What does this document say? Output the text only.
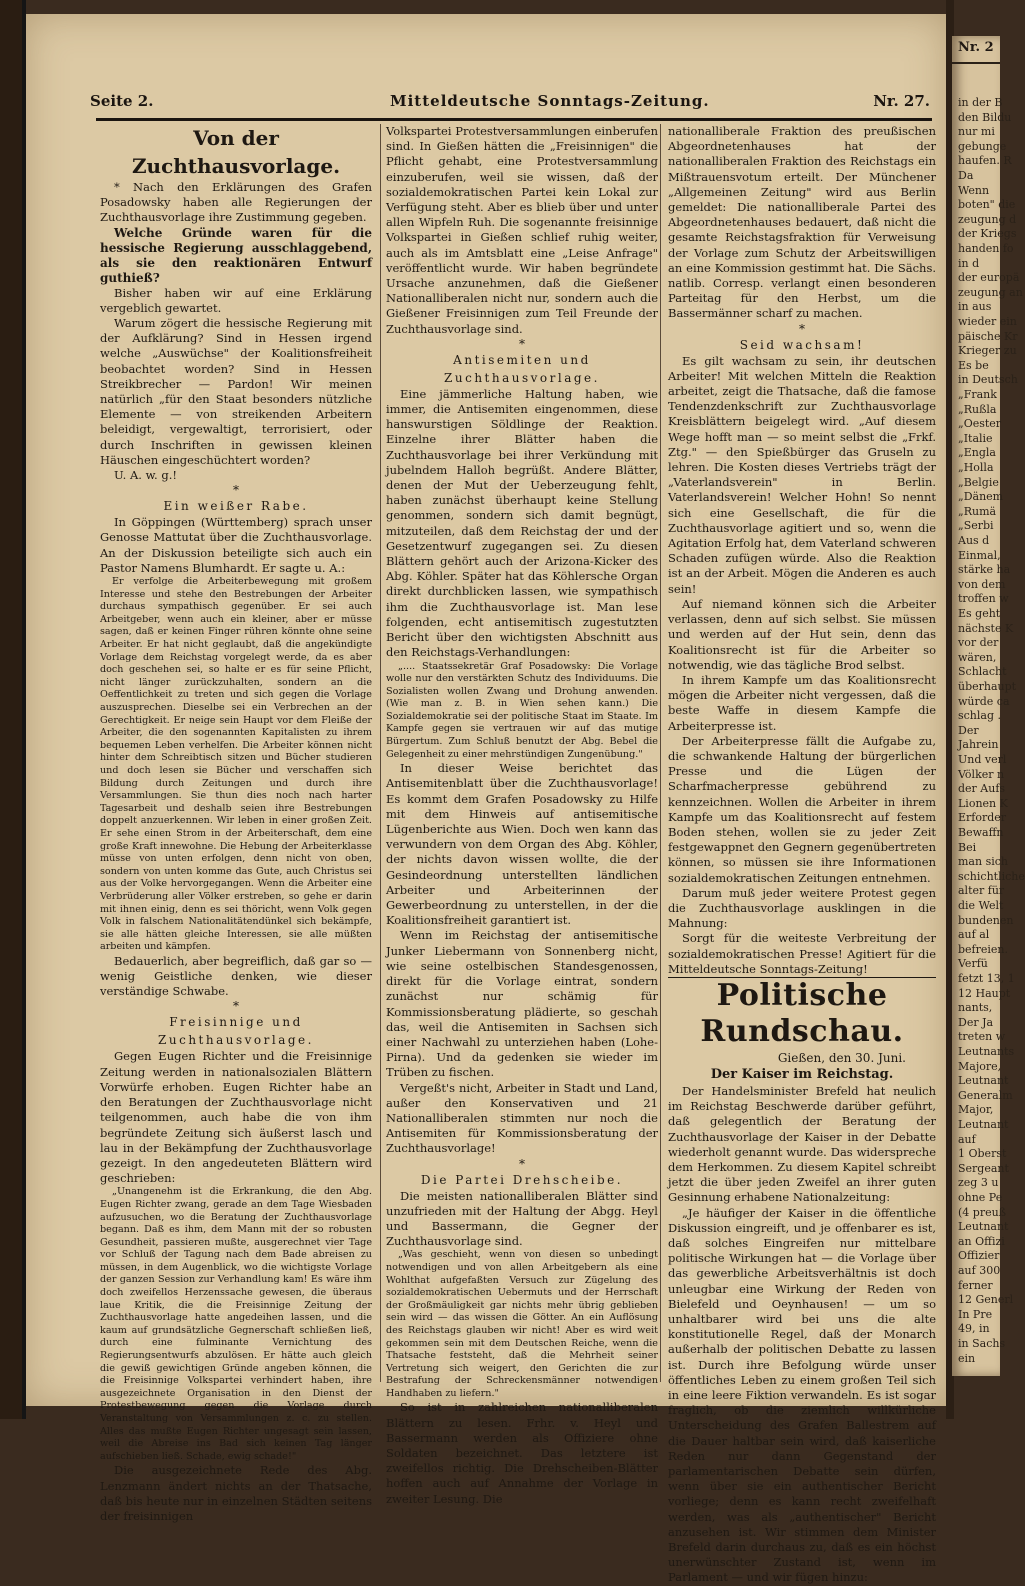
Nr. 2
in der B
den Bildu
nur mi
gebunge
haufen. R
Da
Wenn
boten" die
zeugung d
der Kriegs
handen fo
in d
der europä
zeugung an
in aus
wieder ein
päische Kr
Krieger zu
Es be
in Deutsch
„Frank
„Rußla
„Oester
„Italie
„Engla
„Holla
„Belgie
„Dänem
„Rumä
„Serbi
Aus d
Einmal,
stärke ha
von dem
troffen w
Es geht
nächste K
vor der
wären,
Schlacht
überhaupt
würde ca
schlag .
Der
Jahrein
Und verl
Völker n
der Aufs
Lionen K
Erforder
Bewaffn
Bei
man sich
schichtliche
alter für
die Welt
bundenen
auf al
befreien.
Verfü
fetzt 13, 1
12 Haupt
nants,
Der Ja
treten w
Leutnants
Majore,
Leutnant
Generalm
Major,
Leutnant
auf
1 Oberst
Sergeant
zeg 3 u
ohne Pe
(4 preuß
Leutnant
an Offizi
Offizier
auf 300
ferner
12 Generl
In Pre
49, in
in Sachs
ein
Seite 2.	Mitteldeutsche Sonntags-Zeitung.	Nr. 27.
Von der Zuchthausvorlage.

* Nach den Erklärungen des Grafen Posadowsky haben alle Regierungen der Zuchthausvorlage ihre Zustimmung gegeben.

Welche Gründe waren für die hessische Regierung ausschlaggebend, als sie den reaktionären Entwurf guthieß?

Bisher haben wir auf eine Erklärung vergeblich gewartet.

Warum zögert die hessische Regierung mit der Aufklärung? Sind in Hessen irgend welche „Auswüchse" der Koalitionsfreiheit beobachtet worden? Sind in Hessen Streikbrecher — Pardon! Wir meinen natürlich „für den Staat besonders nützliche Elemente — von streikenden Arbeitern beleidigt, vergewaltigt, terrorisiert, oder durch Inschriften in gewissen kleinen Häuschen eingeschüchtert worden?

U. A. w. g.!

*
Ein weißer Rabe.

In Göppingen (Württemberg) sprach unser Genosse Mattutat über die Zuchthausvorlage. An der Diskussion beteiligte sich auch ein Pastor Namens Blumhardt. Er sagte u. A.:

Er verfolge die Arbeiterbewegung mit großem Interesse und stehe den Bestrebungen der Arbeiter durchaus sympathisch gegenüber. Er sei auch Arbeitgeber, wenn auch ein kleiner, aber er müsse sagen, daß er keinen Finger rühren könnte ohne seine Arbeiter. Er hat nicht geglaubt, daß die angekündigte Vorlage dem Reichstag vorgelegt werde, da es aber doch geschehen sei, so halte er es für seine Pflicht, nicht länger zurückzuhalten, sondern an die Oeffentlichkeit zu treten und sich gegen die Vorlage auszusprechen. Dieselbe sei ein Verbrechen an der Gerechtigkeit. Er neige sein Haupt vor dem Fleiße der Arbeiter, die den sogenannten Kapitalisten zu ihrem bequemen Leben verhelfen. Die Arbeiter können nicht hinter dem Schreibtisch sitzen und Bücher studieren und doch lesen sie Bücher und verschaffen sich Bildung durch Zeitungen und durch ihre Versammlungen. Sie thun dies noch nach harter Tagesarbeit und deshalb seien ihre Bestrebungen doppelt anzuerkennen. Wir leben in einer großen Zeit. Er sehe einen Strom in der Arbeiterschaft, dem eine große Kraft innewohne. Die Hebung der Arbeiterklasse müsse von unten erfolgen, denn nicht von oben, sondern von unten komme das Gute, auch Christus sei aus der Volke hervorgegangen. Wenn die Arbeiter eine Verbrüderung aller Völker erstreben, so gehe er darin mit ihnen einig, denn es sei thöricht, wenn Volk gegen Volk in falschem Nationalitätendünkel sich bekämpfe, sie alle hätten gleiche Interessen, sie alle müßten arbeiten und kämpfen.

Bedauerlich, aber begreiflich, daß gar so — wenig Geistliche denken, wie dieser verständige Schwabe.

*
Freisinnige und Zuchthausvorlage.

Gegen Eugen Richter und die Freisinnige Zeitung werden in nationalsozialen Blättern Vorwürfe erhoben. Eugen Richter habe an den Beratungen der Zuchthausvorlage nicht teilgenommen, auch habe die von ihm begründete Zeitung sich äußerst lasch und lau in der Bekämpfung der Zuchthausvorlage gezeigt. In den angedeuteten Blättern wird geschrieben:

„Unangenehm ist die Erkrankung, die den Abg. Eugen Richter zwang, gerade an dem Tage Wiesbaden aufzusuchen, wo die Beratung der Zuchthausvorlage begann. Daß es ihm, dem Mann mit der so robusten Gesundheit, passieren mußte, ausgerechnet vier Tage vor Schluß der Tagung nach dem Bade abreisen zu müssen, in dem Augenblick, wo die wichtigste Vorlage der ganzen Session zur Verhandlung kam! Es wäre ihm doch zweifellos Herzenssache gewesen, die überaus laue Kritik, die die Freisinnige Zeitung der Zuchthausvorlage hatte angedeihen lassen, und die kaum auf grundsätzliche Gegnerschaft schließen ließ, durch eine fulminante Vernichtung des Regierungsentwurfs abzulösen. Er hätte auch gleich die gewiß gewichtigen Gründe angeben können, die die Freisinnige Volkspartei verhindert haben, ihre ausgezeichnete Organisation in den Dienst der Protestbewegung gegen die Vorlage durch Veranstaltung von Versammlungen z. c. zu stellen. Alles das mußte Eugen Richter ungesagt sein lassen, weil die Abreise ins Bad sich keinen Tag länger aufschieben ließ. Schade, ewig schade!"

Die ausgezeichnete Rede des Abg. Lenzmann ändert nichts an der Thatsache, daß bis heute nur in einzelnen Städten seitens der freisinnigen

Volkspartei Protestversammlungen einberufen sind. In Gießen hätten die „Freisinnigen" die Pflicht gehabt, eine Protestversammlung einzuberufen, weil sie wissen, daß der sozialdemokratischen Partei kein Lokal zur Verfügung steht. Aber es blieb über und unter allen Wipfeln Ruh. Die sogenannte freisinnige Volkspartei in Gießen schlief ruhig weiter, auch als im Amtsblatt eine „Leise Anfrage" veröffentlicht wurde. Wir haben begründete Ursache anzunehmen, daß die Gießener Nationalliberalen nicht nur, sondern auch die Gießener Freisinnigen zum Teil Freunde der Zuchthausvorlage sind.

*
Antisemiten und Zuchthausvorlage.

Eine jämmerliche Haltung haben, wie immer, die Antisemiten eingenommen, diese hanswurstigen Söldlinge der Reaktion. Einzelne ihrer Blätter haben die Zuchthausvorlage bei ihrer Verkündung mit jubelndem Halloh begrüßt. Andere Blätter, denen der Mut der Ueberzeugung fehlt, haben zunächst überhaupt keine Stellung genommen, sondern sich damit begnügt, mitzuteilen, daß dem Reichstag der und der Gesetzentwurf zugegangen sei. Zu diesen Blättern gehört auch der Arizona-Kicker des Abg. Köhler. Später hat das Köhlersche Organ direkt durchblicken lassen, wie sympathisch ihm die Zuchthausvorlage ist. Man lese folgenden, echt antisemitisch zugestutzten Bericht über den wichtigsten Abschnitt aus den Reichstags-Verhandlungen:

„.... Staatssekretär Graf Posadowsky: Die Vorlage wolle nur den verstärkten Schutz des Individuums. Die Sozialisten wollen Zwang und Drohung anwenden. (Wie man z. B. in Wien sehen kann.) Die Sozialdemokratie sei der politische Staat im Staate. Im Kampfe gegen sie vertrauen wir auf das mutige Bürgertum. Zum Schluß benutzt der Abg. Bebel die Gelegenheit zu einer mehrstündigen Zungenübung."

In dieser Weise berichtet das Antisemitenblatt über die Zuchthausvorlage! Es kommt dem Grafen Posadowsky zu Hilfe mit dem Hinweis auf antisemitische Lügenberichte aus Wien. Doch wen kann das verwundern von dem Organ des Abg. Köhler, der nichts davon wissen wollte, die der Gesindeordnung unterstellten ländlichen Arbeiter und Arbeiterinnen der Gewerbeordnung zu unterstellen, in der die Koalitionsfreiheit garantiert ist.

Wenn im Reichstag der antisemitische Junker Liebermann von Sonnenberg nicht, wie seine ostelbischen Standesgenossen, direkt für die Vorlage eintrat, sondern zunächst nur schämig für Kommissionsberatung plädierte, so geschah das, weil die Antisemiten in Sachsen sich einer Nachwahl zu unterziehen haben (Lohe-Pirna). Und da gedenken sie wieder im Trüben zu fischen.

Vergeßt's nicht, Arbeiter in Stadt und Land, außer den Konservativen und 21 Nationalliberalen stimmten nur noch die Antisemiten für Kommissionsberatung der Zuchthausvorlage!

*
Die Partei Drehscheibe.

Die meisten nationalliberalen Blätter sind unzufrieden mit der Haltung der Abgg. Heyl und Bassermann, die Gegner der Zuchthausvorlage sind.

„Was geschieht, wenn von diesen so unbedingt notwendigen und von allen Arbeitgebern als eine Wohlthat aufgefaßten Versuch zur Zügelung des sozialdemokratischen Uebermuts und der Herrschaft der Großmäuligkeit gar nichts mehr übrig geblieben sein wird — das wissen die Götter. An ein Auflösung des Reichstags glauben wir nicht! Aber es wird weit gekommen sein mit dem Deutschen Reiche, wenn die Thatsache feststeht, daß die Mehrheit seiner Vertretung sich weigert, den Gerichten die zur Bestrafung der Schreckensmänner notwendigen Handhaben zu liefern."

So ist in zahlreichen nationalliberalen Blättern zu lesen. Frhr. v. Heyl und Bassermann werden als Offiziere ohne Soldaten bezeichnet. Das letztere ist zweifellos richtig. Die Drehscheiben-Blätter hoffen auch auf Annahme der Vorlage in zweiter Lesung. Die

nationalliberale Fraktion des preußischen Abgeordnetenhauses hat der nationalliberalen Fraktion des Reichstags ein Mißtrauensvotum erteilt. Der Münchener „Allgemeinen Zeitung" wird aus Berlin gemeldet: Die nationalliberale Partei des Abgeordnetenhauses bedauert, daß nicht die gesamte Reichstagsfraktion für Verweisung der Vorlage zum Schutz der Arbeitswilligen an eine Kommission gestimmt hat. Die Sächs. natlib. Corresp. verlangt einen besonderen Parteitag für den Herbst, um die Bassermänner scharf zu machen.

*
Seid wachsam!

Es gilt wachsam zu sein, ihr deutschen Arbeiter! Mit welchen Mitteln die Reaktion arbeitet, zeigt die Thatsache, daß die famose Tendenzdenkschrift zur Zuchthausvorlage Kreisblättern beigelegt wird. „Auf diesem Wege hofft man — so meint selbst die „Frkf. Ztg." — den Spießbürger das Gruseln zu lehren. Die Kosten dieses Vertriebs trägt der „Vaterlandsverein" in Berlin. Vaterlandsverein! Welcher Hohn! So nennt sich eine Gesellschaft, die für die Zuchthausvorlage agitiert und so, wenn die Agitation Erfolg hat, dem Vaterland schweren Schaden zufügen würde. Also die Reaktion ist an der Arbeit. Mögen die Anderen es auch sein!

Auf niemand können sich die Arbeiter verlassen, denn auf sich selbst. Sie müssen und werden auf der Hut sein, denn das Koalitionsrecht ist für die Arbeiter so notwendig, wie das tägliche Brod selbst.

In ihrem Kampfe um das Koalitionsrecht mögen die Arbeiter nicht vergessen, daß die beste Waffe in diesem Kampfe die Arbeiterpresse ist.

Der Arbeiterpresse fällt die Aufgabe zu, die schwankende Haltung der bürgerlichen Presse und die Lügen der Scharfmacherpresse gebührend zu kennzeichnen. Wollen die Arbeiter in ihrem Kampfe um das Koalitionsrecht auf festem Boden stehen, wollen sie zu jeder Zeit festgewappnet den Gegnern gegenübertreten können, so müssen sie ihre Informationen sozialdemokratischen Zeitungen entnehmen.

Darum muß jeder weitere Protest gegen die Zuchthausvorlage ausklingen in die Mahnung:

Sorgt für die weiteste Verbreitung der sozialdemokratischen Presse! Agitiert für die Mitteldeutsche Sonntags-Zeitung!

Politische Rundschau.
Gießen, den 30. Juni.
Der Kaiser im Reichstag.

Der Handelsminister Brefeld hat neulich im Reichstag Beschwerde darüber geführt, daß gelegentlich der Beratung der Zuchthausvorlage der Kaiser in der Debatte wiederholt genannt wurde. Das widerspreche dem Herkommen. Zu diesem Kapitel schreibt jetzt die über jeden Zweifel an ihrer guten Gesinnung erhabene Nationalzeitung:

„Je häufiger der Kaiser in die öffentliche Diskussion eingreift, und je offenbarer es ist, daß solches Eingreifen nur mittelbare politische Wirkungen hat — die Vorlage über das gewerbliche Arbeitsverhältnis ist doch unleugbar eine Wirkung der Reden von Bielefeld und Oeynhausen! — um so unhaltbarer wird bei uns die alte konstitutionelle Regel, daß der Monarch außerhalb der politischen Debatte zu lassen ist. Durch ihre Befolgung würde unser öffentliches Leben zu einem großen Teil sich in eine leere Fiktion verwandeln. Es ist sogar fraglich, ob die ziemlich willkürliche Unterscheidung des Grafen Ballestrem auf die Dauer haltbar sein wird, daß kaiserliche Reden nur dann Gegenstand der parlamentarischen Debatte sein dürfen, wenn über sie ein authentischer Bericht vorliege; denn es kann recht zweifelhaft werden, was als „authentischer" Bericht anzusehen ist. Wir stimmen dem Minister Brefeld darin durchaus zu, daß es ein höchst unerwünschter Zustand ist, wenn im Parlament — und wir fügen hinzu:
